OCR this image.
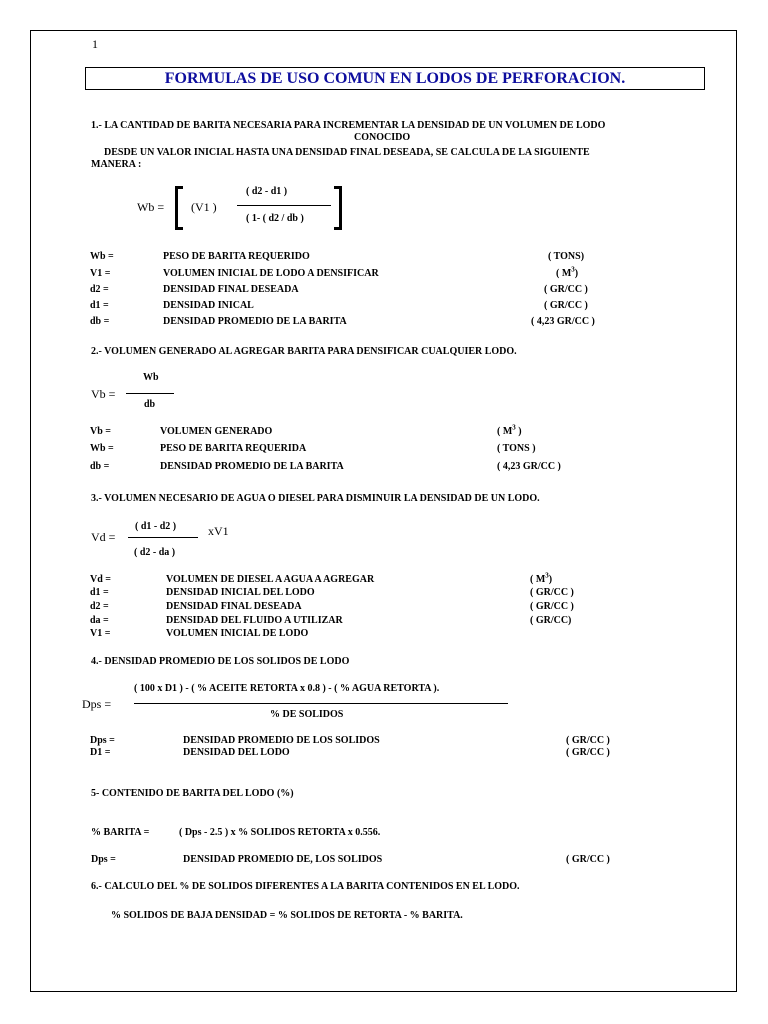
1
FORMULAS DE USO COMUN EN LODOS DE PERFORACION.
1.- LA CANTIDAD DE BARITA NECESARIA PARA INCREMENTAR LA DENSIDAD DE UN VOLUMEN DE LODO
CONOCIDO
DESDE UN VALOR INICIAL HASTA UNA DENSIDAD FINAL DESEADA, SE CALCULA DE LA SIGUIENTE
MANERA :
Wb = (V1 )
( d2 - d1 )
( 1- ( d2 / db )
Wb =	PESO DE BARITA REQUERIDO	( TONS)
V1 =	VOLUMEN INICIAL DE LODO A DENSIFICAR	( $M^3$)
d2 =	DENSIDAD FINAL DESEADA	( GR/CC )
d1 =	DENSIDAD INICAL	( GR/CC )
db =	DENSIDAD PROMEDIO DE LA BARITA	( 4,23 GR/CC )
2.- VOLUMEN GENERADO AL AGREGAR BARITA PARA DENSIFICAR CUALQUIER LODO.
Vb =
Wb
db
Vb =	VOLUMEN GENERADO	( $M^3$ )
Wb =	PESO DE BARITA REQUERIDA	( TONS )
db =	DENSIDAD PROMEDIO DE LA BARITA	( 4,23 GR/CC )
3.- VOLUMEN NECESARIO DE AGUA O DIESEL PARA DISMINUIR LA DENSIDAD DE UN LODO.
Vd =
( d1 - d2 )
( d2 - da )
xV1
Vd =	VOLUMEN DE DIESEL A AGUA A AGREGAR	( $M^3$)
d1 =	DENSIDAD INICIAL DEL LODO	( GR/CC )
d2 =	DENSIDAD FINAL DESEADA	( GR/CC )
da =	DENSIDAD DEL FLUIDO A UTILIZAR	( GR/CC)
V1 =	VOLUMEN INICIAL DE LODO
4.- DENSIDAD PROMEDIO DE LOS SOLIDOS DE LODO
Dps =
( 100 x D1 ) - ( % ACEITE RETORTA x 0.8 ) - ( % AGUA RETORTA ).
% DE SOLIDOS
Dps =	DENSIDAD PROMEDIO DE LOS SOLIDOS	( GR/CC )
D1 =	DENSIDAD DEL LODO	( GR/CC )
5- CONTENIDO DE BARITA DEL LODO (%)
% BARITA =	( Dps - 2.5 ) x % SOLIDOS RETORTA x 0.556.
Dps =	DENSIDAD PROMEDIO DE, LOS SOLIDOS	( GR/CC )
6.- CALCULO DEL % DE SOLIDOS DIFERENTES A LA BARITA CONTENIDOS EN EL LODO.
% SOLIDOS DE BAJA DENSIDAD = % SOLIDOS DE RETORTA - % BARITA.
